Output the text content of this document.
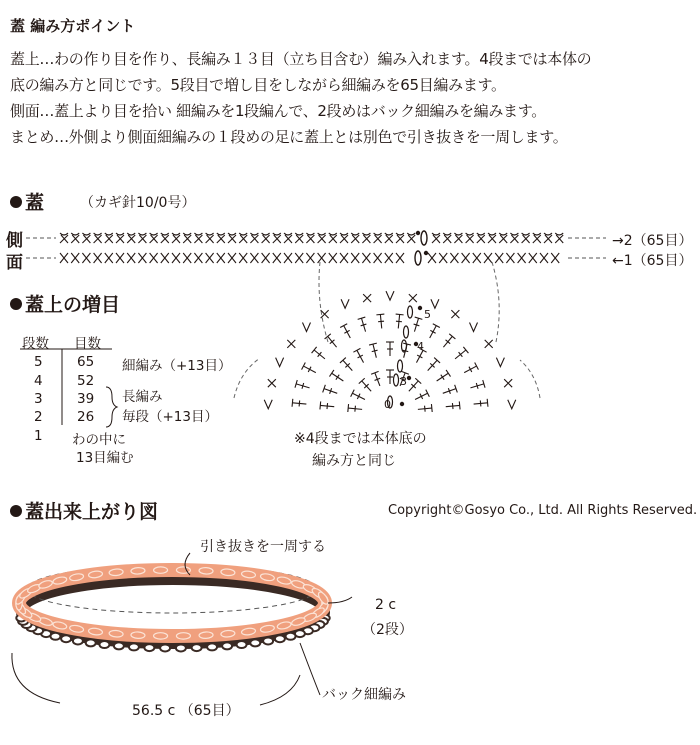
蓋 編み方ポイント
蓋上…わの作り目を作り、長編み１３目（立ち目含む）編み入れます。4段までは本体の
底の編み方と同じです。5段目で増し目をしながら細編みを65目編みます。
側面…蓋上より目を拾い 細編みを1段編んで、2段めはバック細編みを編みます。
まとめ…外側より側面細編みの１段めの足に蓋上とは別色で引き抜きを一周します。
蓋	（カギ針10/0号）
側
面
→2（65目）
←1（65目）
蓋上の増目
段数 目数
5	65
4	52
3	39
2	26
1 わの中に
13目編む
細編み（+13目）
長編み
毎段（+13目）
5
4
3
0
※4段までは本体底の
編み方と同じ
蓋出来上がり図	Copyright©Gosyo Co., Ltd. All Rights Reserved.
引き抜きを一周する
2 c
（2段）
バック細編み
56.5 c （65目）
